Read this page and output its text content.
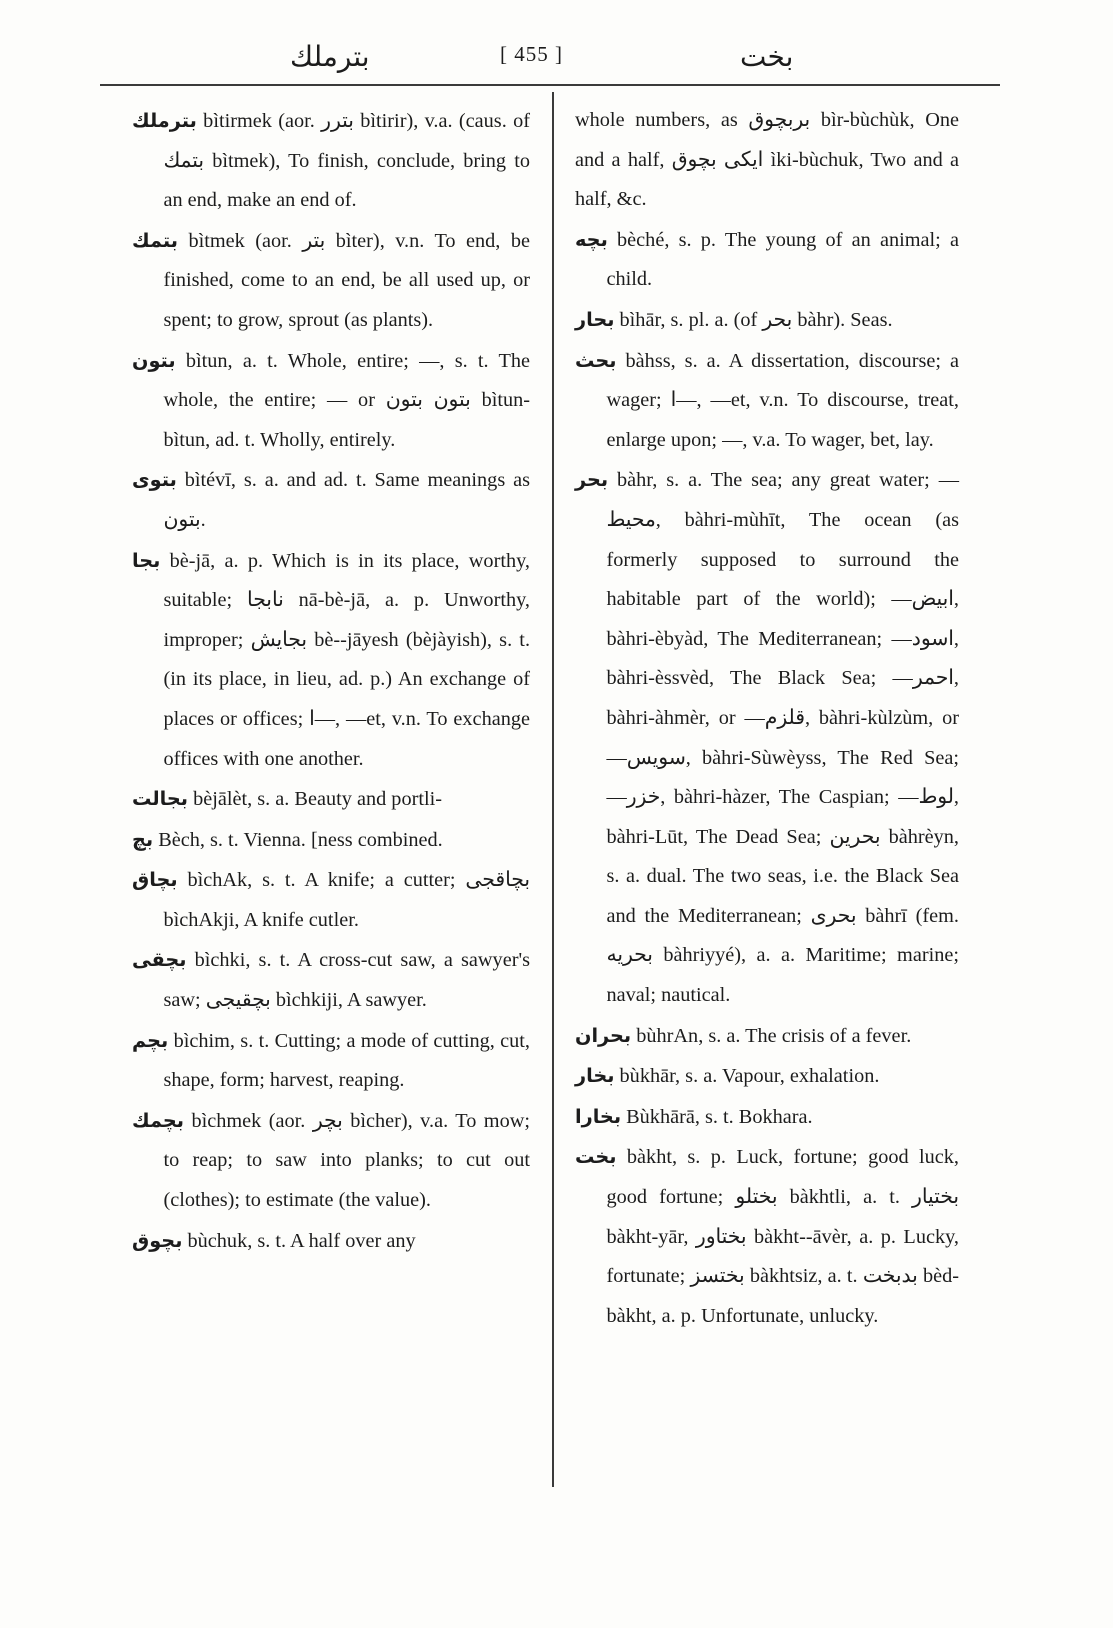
بترملك	[ 455 ]	بخت

بترملك bìtirmek (aor. بترر bìtirir), v.a. (caus. of بتمك bìtmek), To finish, conclude, bring to an end, make an end of.

بتمك bìtmek (aor. بتر bìter), v.n. To end, be finished, come to an end, be all used up, or spent; to grow, sprout (as plants).

بتون bìtun, a. t. Whole, entire; —, s. t. The whole, the entire; — or بتون بتون bìtun-bìtun, ad. t. Wholly, entirely.

بتوى bìtévī, s. a. and ad. t. Same meanings as بتون.

بجا bè-jā, a. p. Which is in its place, worthy, suitable; نابجا nā-bè-jā, a. p. Unworthy, improper; بجايش bè--jāyesh (bèjàyish), s. t. (in its place, in lieu, ad. p.) An exchange of places or offices; ا—, —et, v.n. To exchange offices with one another.

بجالت bèjālèt, s. a. Beauty and portli-

بچ Bèch, s. t. Vienna. [ness combined.

بچاق bìchAk, s. t. A knife; a cutter; بچاقجى bìchAkji, A knife cutler.

بچقى bìchki, s. t. A cross-cut saw, a sawyer's saw; بچقيجى bìchkiji, A sawyer.

بچم bìchim, s. t. Cutting; a mode of cutting, cut, shape, form; harvest, reaping.

بچمك bìchmek (aor. بچر bìcher), v.a. To mow; to reap; to saw into planks; to cut out (clothes); to estimate (the value).

بچوق bùchuk, s. t. A half over any

whole numbers, as بربچوق bìr-bùchùk, One and a half, ايكى بچوق ìki-bùchuk, Two and a half, &c.

بچه bèché, s. p. The young of an animal; a child.

بحار bìhār, s. pl. a. (of بحر bàhr). Seas.

بحث bàhss, s. a. A dissertation, discourse; a wager; ا—, —et, v.n. To discourse, treat, enlarge upon; —, v.a. To wager, bet, lay.

بحر bàhr, s. a. The sea; any great water; —محيط, bàhri-mùhīt, The ocean (as formerly supposed to surround the habitable part of the world); —ابيض, bàhri-èbyàd, The Mediterranean; —اسود, bàhri-èssvèd, The Black Sea; —احمر, bàhri-àhmèr, or —قلزم, bàhri-kùlzùm, or —سويس, bàhri-Sùwèyss, The Red Sea; —خزر, bàhri-hàzer, The Caspian; —لوط, bàhri-Lūt, The Dead Sea; بحرين bàhrèyn, s. a. dual. The two seas, i.e. the Black Sea and the Mediterranean; بحرى bàhrī (fem. بحريه bàhriyyé), a. a. Maritime; marine; naval; nautical.

بحران bùhrAn, s. a. The crisis of a fever.

بخار bùkhār, s. a. Vapour, exhalation.

بخارا Bùkhārā, s. t. Bokhara.

بخت bàkht, s. p. Luck, fortune; good luck, good fortune; بختلو bàkhtli, a. t. بختيار bàkht-yār, بختاور bàkht--āvèr, a. p. Lucky, fortunate; بختسز bàkhtsiz, a. t. بدبخت bèd-bàkht, a. p. Unfortunate, unlucky.
